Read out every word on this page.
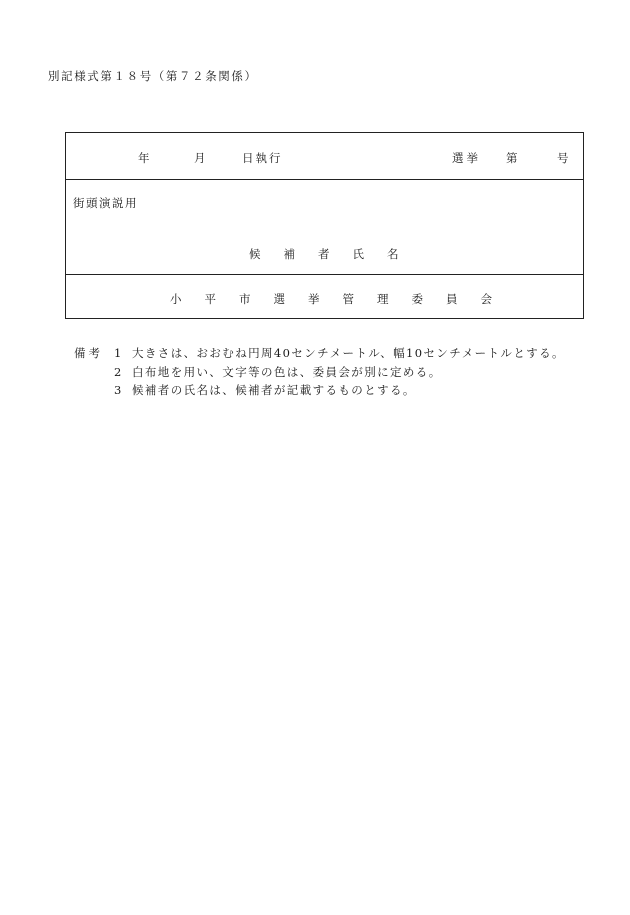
別記様式第１８号（第７２条関係）
年	月	日執行	選挙 第	号
街頭演説用
候 補 者 氏 名
小 平 市 選 挙 管 理 委 員 会
備考 1 大きさは、おおむね円周40センチメートル、幅10センチメートルとする。
2 白布地を用い、文字等の色は、委員会が別に定める。
3 候補者の氏名は、候補者が記載するものとする。
